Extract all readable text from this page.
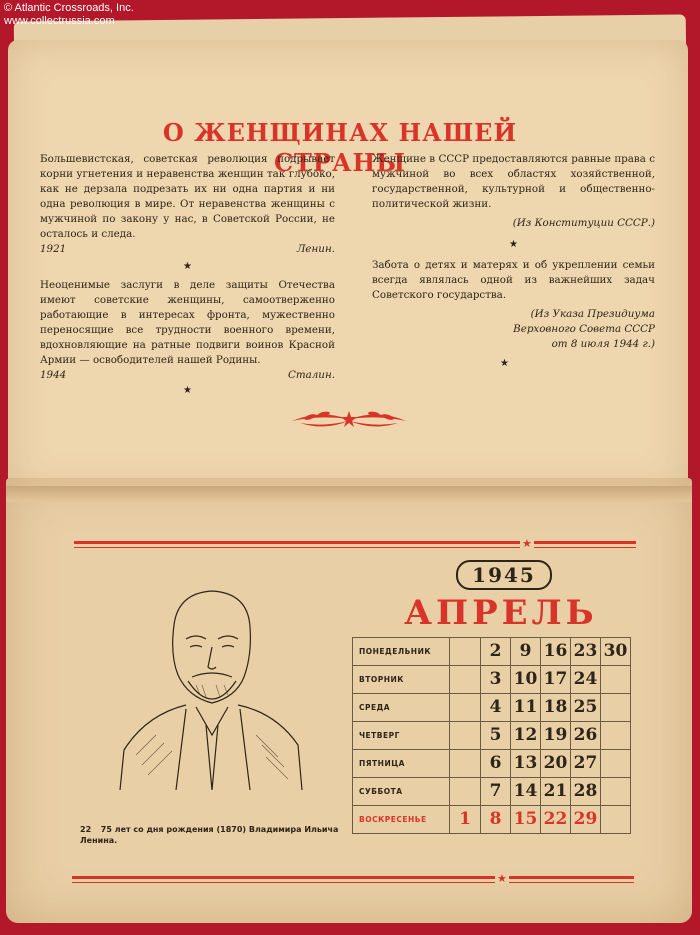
© Atlantic Crossroads, Inc.
www.collectrussia.com
О ЖЕНЩИНАХ НАШЕЙ СТРАНЫ

Большевистская, советская революция подрывает корни угнетения и неравенства женщин так глубоко, как не дерзала подрезать их ни одна партия и ни одна революция в мире. От неравенства женщины с мужчиной по закону у нас, в Советской России, не осталось и следа.

1921	Ленин.
★

Неоценимые заслуги в деле защиты Отечества имеют советские женщины, самоотверженно работающие в интересах фронта, мужественно переносящие все трудности военного времени, вдохновляющие на ратные подвиги воинов Красной Армии — освободителей нашей Родины.

1944	Сталин.
★

Женщине в СССР предоставляются равные права с мужчиной во всех областях хозяйственной, государственной, культурной и общественно-политической жизни.

(Из Конституции СССР.)
★

Забота о детях и матерях и об укреплении семьи всегда являлась одной из важнейших задач Советского государства.

(Из Указа Президиума
Верховного Совета СССР
от 8 июля 1944 г.)
★
★
1945
АПРЕЛЬ
22 75 лет со дня рождения (1870) Владимира Ильича Ленина.
ПОНЕДЕЛЬНИК		2	9	16	23	30
ВТОРНИК		3	10	17	24	
СРЕДА		4	11	18	25	
ЧЕТВЕРГ		5	12	19	26	
ПЯТНИЦА		6	13	20	27	
СУББОТА		7	14	21	28	
ВОСКРЕСЕНЬЕ	1	8	15	22	29	
★
